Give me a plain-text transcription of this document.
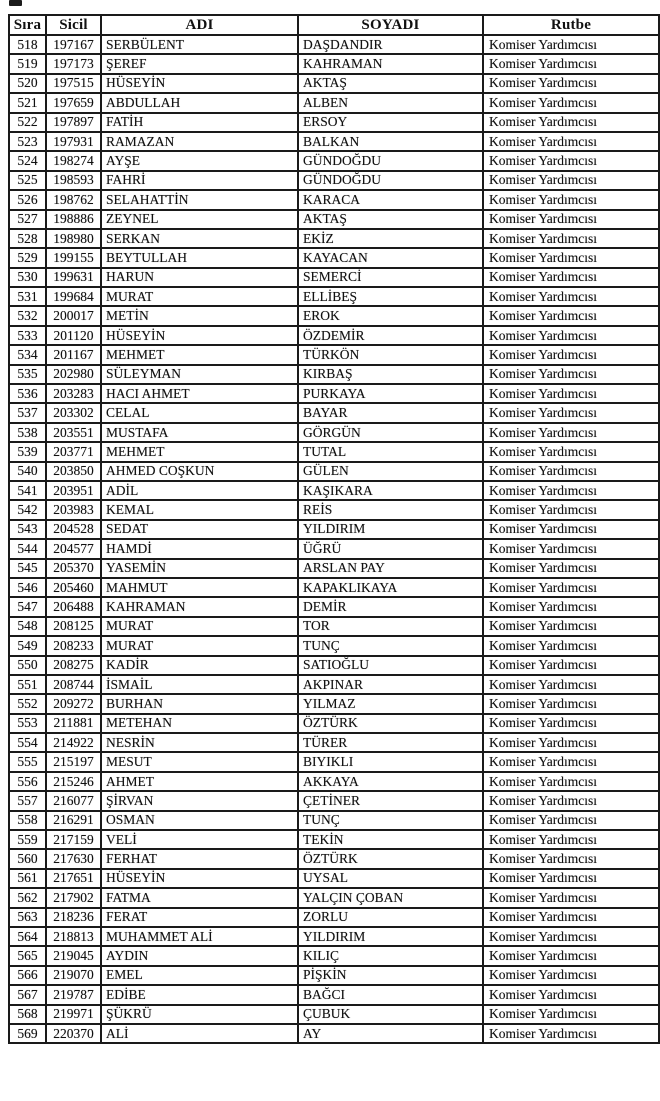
Sıra	Sicil	ADI	SOYADI	Rutbe
518	197167	SERBÜLENT	DAŞDANDIR	Komiser Yardımcısı
519	197173	ŞEREF	KAHRAMAN	Komiser Yardımcısı
520	197515	HÜSEYİN	AKTAŞ	Komiser Yardımcısı
521	197659	ABDULLAH	ALBEN	Komiser Yardımcısı
522	197897	FATİH	ERSOY	Komiser Yardımcısı
523	197931	RAMAZAN	BALKAN	Komiser Yardımcısı
524	198274	AYŞE	GÜNDOĞDU	Komiser Yardımcısı
525	198593	FAHRİ	GÜNDOĞDU	Komiser Yardımcısı
526	198762	SELAHATTİN	KARACA	Komiser Yardımcısı
527	198886	ZEYNEL	AKTAŞ	Komiser Yardımcısı
528	198980	SERKAN	EKİZ	Komiser Yardımcısı
529	199155	BEYTULLAH	KAYACAN	Komiser Yardımcısı
530	199631	HARUN	SEMERCİ	Komiser Yardımcısı
531	199684	MURAT	ELLİBEŞ	Komiser Yardımcısı
532	200017	METİN	EROK	Komiser Yardımcısı
533	201120	HÜSEYİN	ÖZDEMİR	Komiser Yardımcısı
534	201167	MEHMET	TÜRKÖN	Komiser Yardımcısı
535	202980	SÜLEYMAN	KIRBAŞ	Komiser Yardımcısı
536	203283	HACI AHMET	PURKAYA	Komiser Yardımcısı
537	203302	CELAL	BAYAR	Komiser Yardımcısı
538	203551	MUSTAFA	GÖRGÜN	Komiser Yardımcısı
539	203771	MEHMET	TUTAL	Komiser Yardımcısı
540	203850	AHMED COŞKUN	GÜLEN	Komiser Yardımcısı
541	203951	ADİL	KAŞIKARA	Komiser Yardımcısı
542	203983	KEMAL	REİS	Komiser Yardımcısı
543	204528	SEDAT	YILDIRIM	Komiser Yardımcısı
544	204577	HAMDİ	ÜĞRÜ	Komiser Yardımcısı
545	205370	YASEMİN	ARSLAN PAY	Komiser Yardımcısı
546	205460	MAHMUT	KAPAKLIKAYA	Komiser Yardımcısı
547	206488	KAHRAMAN	DEMİR	Komiser Yardımcısı
548	208125	MURAT	TOR	Komiser Yardımcısı
549	208233	MURAT	TUNÇ	Komiser Yardımcısı
550	208275	KADİR	SATIOĞLU	Komiser Yardımcısı
551	208744	İSMAİL	AKPINAR	Komiser Yardımcısı
552	209272	BURHAN	YILMAZ	Komiser Yardımcısı
553	211881	METEHAN	ÖZTÜRK	Komiser Yardımcısı
554	214922	NESRİN	TÜRER	Komiser Yardımcısı
555	215197	MESUT	BIYIKLI	Komiser Yardımcısı
556	215246	AHMET	AKKAYA	Komiser Yardımcısı
557	216077	ŞİRVAN	ÇETİNER	Komiser Yardımcısı
558	216291	OSMAN	TUNÇ	Komiser Yardımcısı
559	217159	VELİ	TEKİN	Komiser Yardımcısı
560	217630	FERHAT	ÖZTÜRK	Komiser Yardımcısı
561	217651	HÜSEYİN	UYSAL	Komiser Yardımcısı
562	217902	FATMA	YALÇIN ÇOBAN	Komiser Yardımcısı
563	218236	FERAT	ZORLU	Komiser Yardımcısı
564	218813	MUHAMMET ALİ	YILDIRIM	Komiser Yardımcısı
565	219045	AYDIN	KILIÇ	Komiser Yardımcısı
566	219070	EMEL	PİŞKİN	Komiser Yardımcısı
567	219787	EDİBE	BAĞCI	Komiser Yardımcısı
568	219971	ŞÜKRÜ	ÇUBUK	Komiser Yardımcısı
569	220370	ALİ	AY	Komiser Yardımcısı
